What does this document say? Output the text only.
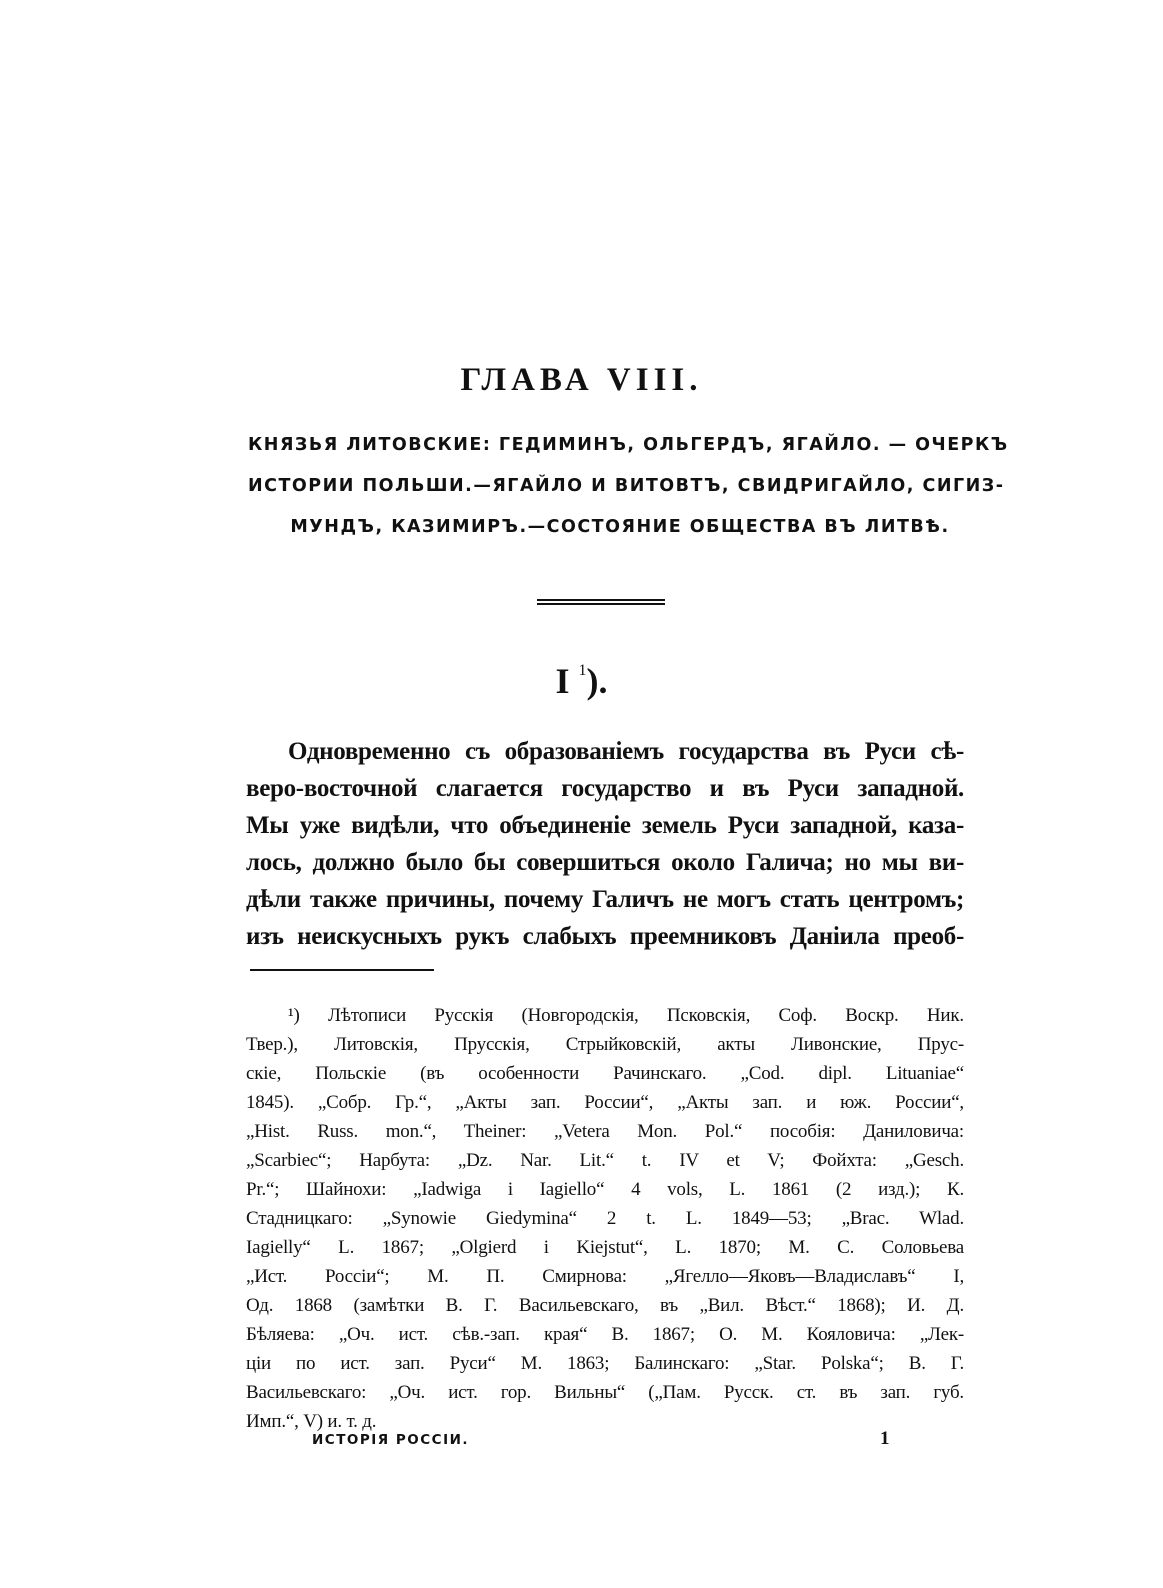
ГЛАВА VIII.
КНЯЗЬЯ ЛИТОВСКИЕ: ГЕДИМИНЪ, ОЛЬГЕРДЪ, ЯГАЙЛО. — ОЧЕРКЪ
ИСТОРИИ ПОЛЬШИ.—ЯГАЙЛО И ВИТОВТЪ, СВИДРИГАЙЛО, СИГИЗ-
МУНДЪ, КАЗИМИРЪ.—СОСТОЯНИЕ ОБЩЕСТВА ВЪ ЛИТВѢ.
I $^1$).
Одновременно съ образованіемъ государства въ Руси сѣ-
веро-восточной слагается государство и въ Руси западной.
Мы уже видѣли, что объединеніе земель Руси западной, каза-
лось, должно было бы совершиться около Галича; но мы ви-
дѣли также причины, почему Галичъ не могъ стать центромъ;
изъ неискусныхъ рукъ слабыхъ преемниковъ Даніила преоб-
¹) Лѣтописи Русскія (Новгородскія, Псковскія, Соф. Воскр. Ник.
Твер.), Литовскія, Прусскія, Стрыйковскій, акты Ливонские, Прус-
скіе, Польскіе (въ особенности Рачинскаго. „Cod. dipl. Lituaniae“
1845). „Собр. Гр.“, „Акты зап. России“, „Акты зап. и юж. России“,
„Hist. Russ. mon.“, Theiner: „Vetera Mon. Pol.“ пособія: Даниловича:
„Scarbiec“; Нарбута: „Dz. Nar. Lit.“ t. IV et V; Фойхта: „Gesch.
Pr.“; Шайнохи: „Iadwiga i Iagiello“ 4 vols, L. 1861 (2 изд.); К.
Стадницкаго: „Synowie Giedymina“ 2 t. L. 1849—53; „Brac. Wlad.
Iagielly“ L. 1867; „Olgierd i Kiejstut“, L. 1870; М. С. Соловьева
„Ист. Россіи“; М. П. Смирнова: „Ягелло—Яковъ—Владиславъ“ I,
Од. 1868 (замѣтки В. Г. Васильевскаго, въ „Вил. Вѣст.“ 1868); И. Д.
Бѣляева: „Оч. ист. сѣв.-зап. края“ В. 1867; О. М. Кояловича: „Лек-
ціи по ист. зап. Руси“ М. 1863; Балинскаго: „Star. Polska“; В. Г.
Васильевскаго: „Оч. ист. гор. Вильны“ („Пам. Русск. ст. въ зап. губ.
Имп.“, V) и. т. д.
ИСТОРІЯ РОССІИ.	1
